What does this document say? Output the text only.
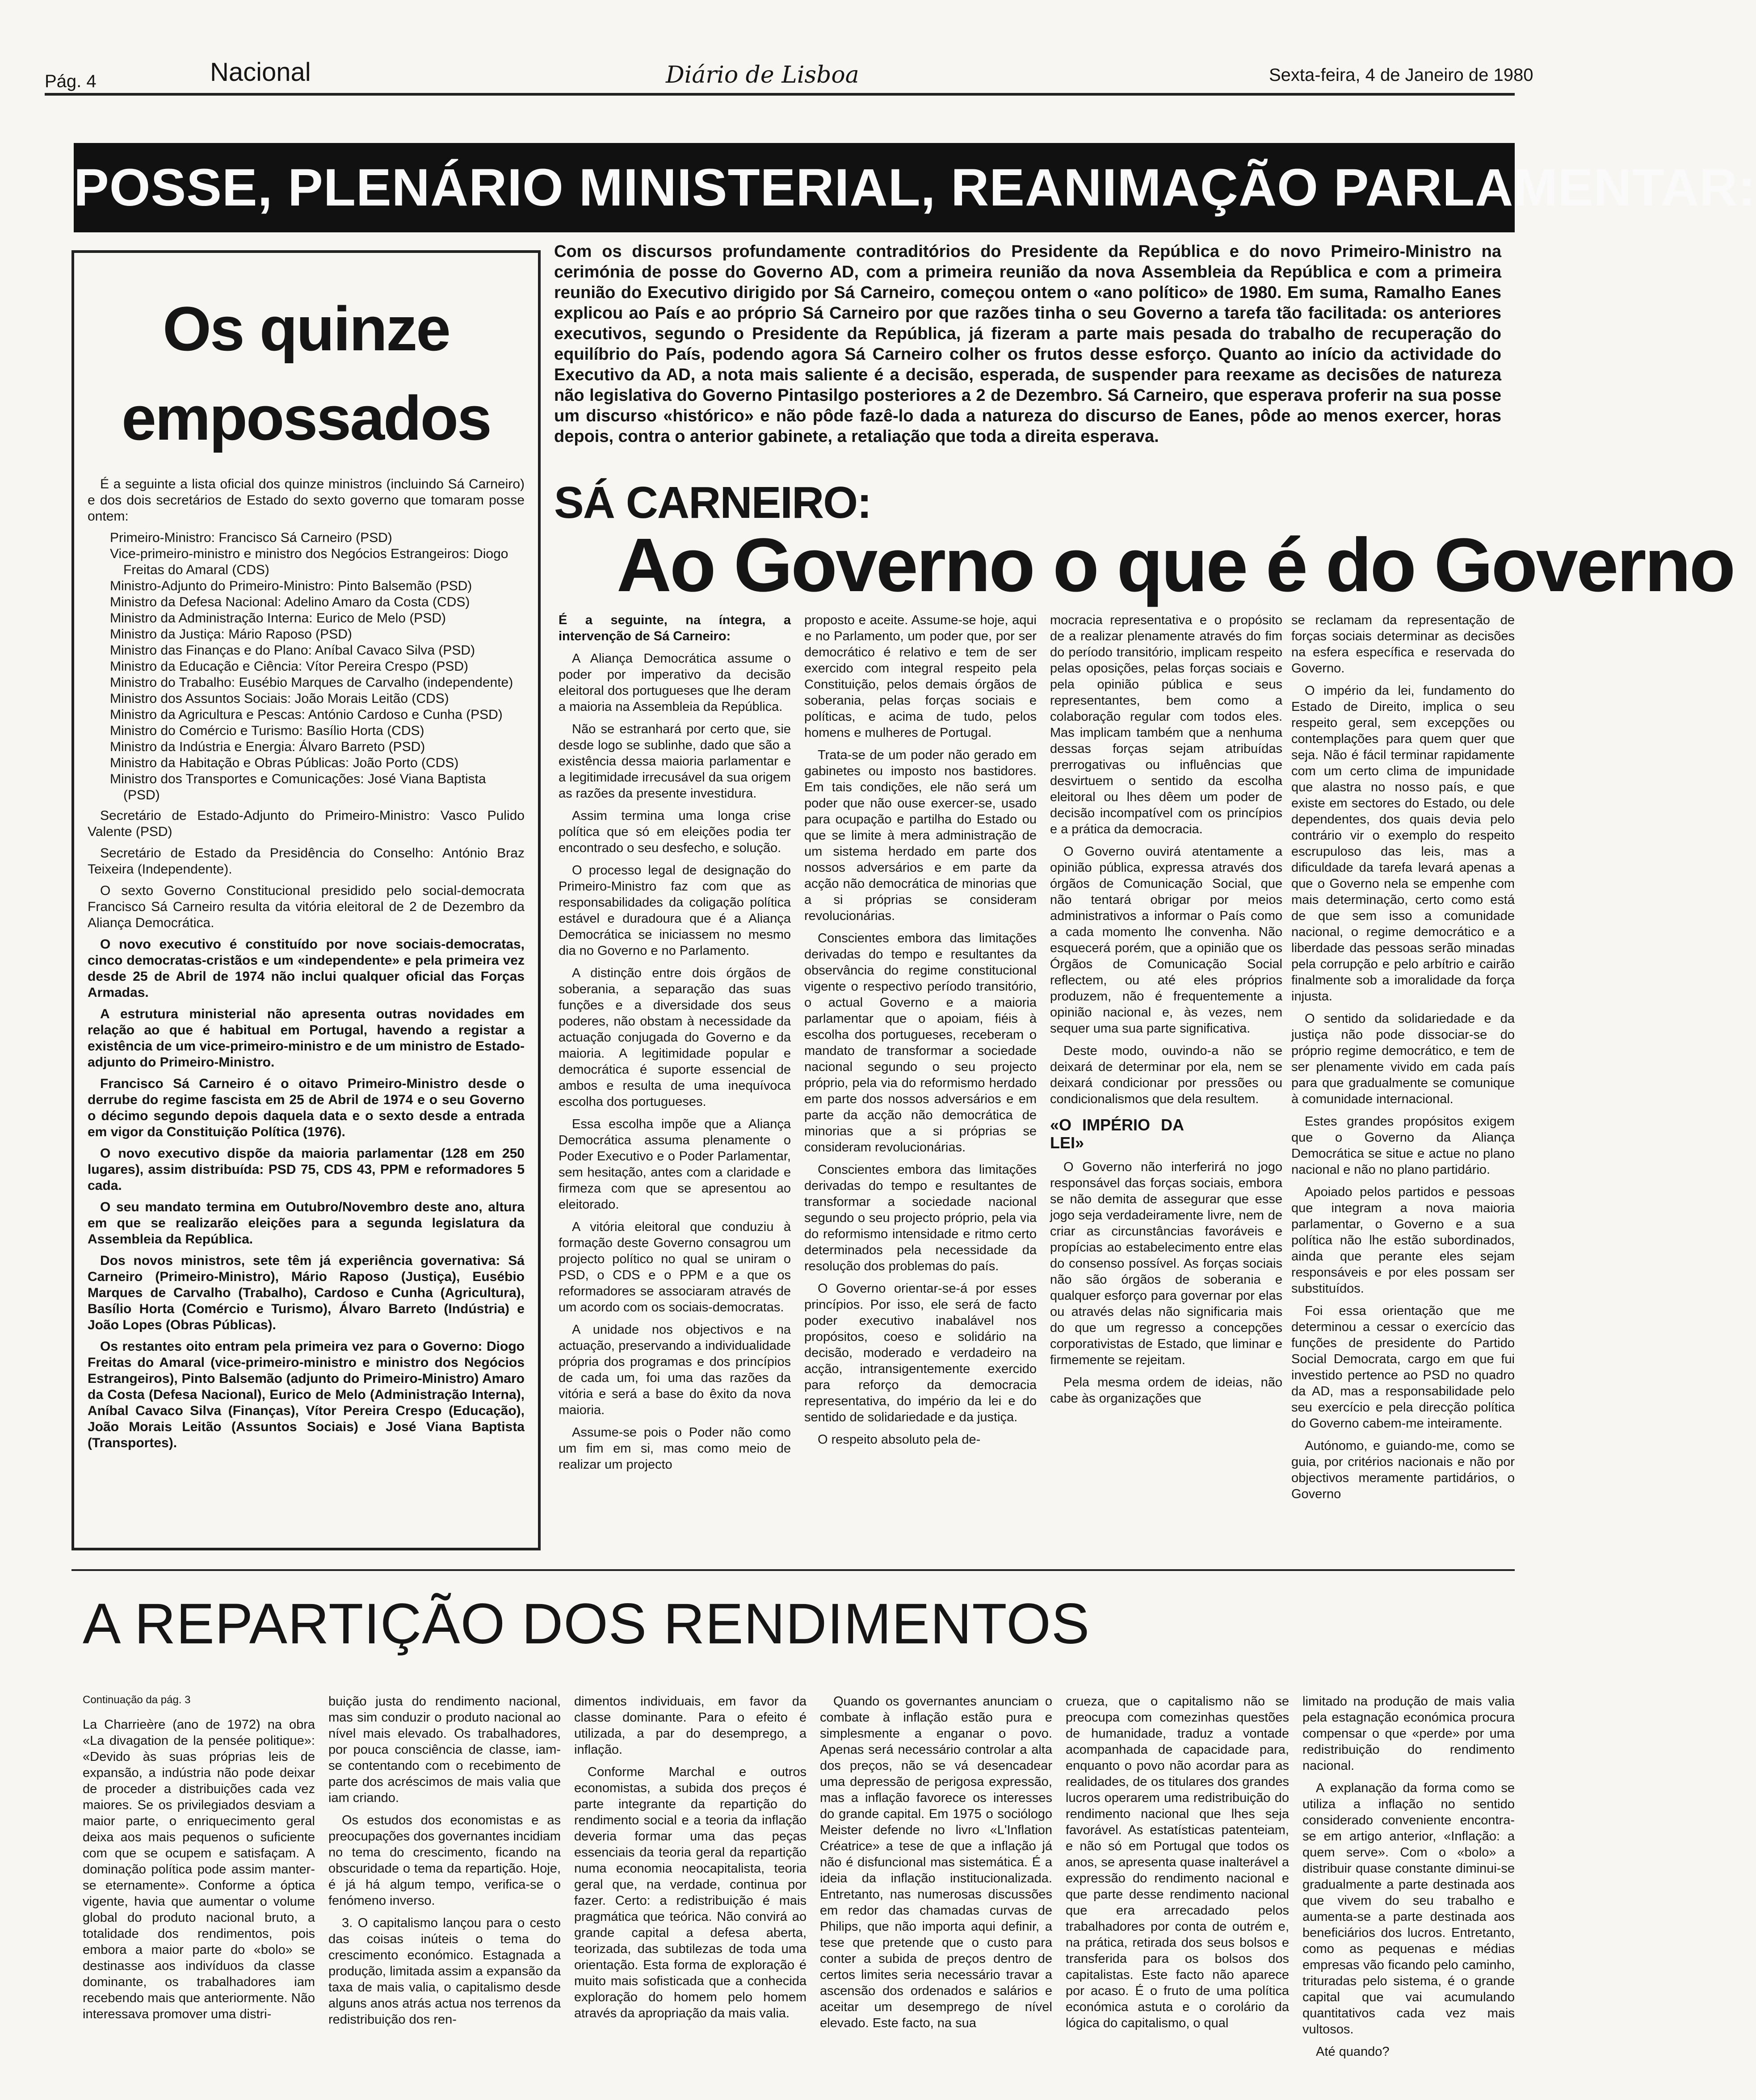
Pág. 4	Nacional	Diário de Lisboa	Sexta-feira, 4 de Janeiro de 1980
POSSE, PLENÁRIO MINISTERIAL, REANIMAÇÃO PARLAMENTAR:
Os quinze
empossados

É a seguinte a lista oficial dos quinze ministros (incluindo Sá Carneiro) e dos dois secretários de Estado do sexto governo que tomaram posse ontem:

Primeiro-Ministro: Francisco Sá Carneiro (PSD)
Vice-primeiro-ministro e ministro dos Negócios Estrangeiros: Diogo Freitas do Amaral (CDS)
Ministro-Adjunto do Primeiro-Ministro: Pinto Balsemão (PSD)
Ministro da Defesa Nacional: Adelino Amaro da Costa (CDS)
Ministro da Administração Interna: Eurico de Melo (PSD)
Ministro da Justiça: Mário Raposo (PSD)
Ministro das Finanças e do Plano: Aníbal Cavaco Silva (PSD)
Ministro da Educação e Ciência: Vítor Pereira Crespo (PSD)
Ministro do Trabalho: Eusébio Marques de Carvalho (independente)
Ministro dos Assuntos Sociais: João Morais Leitão (CDS)
Ministro da Agricultura e Pescas: António Cardoso e Cunha (PSD)
Ministro do Comércio e Turismo: Basílio Horta (CDS)
Ministro da Indústria e Energia: Álvaro Barreto (PSD)
Ministro da Habitação e Obras Públicas: João Porto (CDS)
Ministro dos Transportes e Comunicações: José Viana Baptista (PSD)

Secretário de Estado-Adjunto do Primeiro-Ministro: Vasco Pulido Valente (PSD)

Secretário de Estado da Presidência do Conselho: António Braz Teixeira (Independente).

O sexto Governo Constitucional presidido pelo social-democrata Francisco Sá Carneiro resulta da vitória eleitoral de 2 de Dezembro da Aliança Democrática.

O novo executivo é constituído por nove sociais-democratas, cinco democratas-cristãos e um «independente» e pela primeira vez desde 25 de Abril de 1974 não inclui qualquer oficial das Forças Armadas.

A estrutura ministerial não apresenta outras novidades em relação ao que é habitual em Portugal, havendo a registar a existência de um vice-primeiro-ministro e de um ministro de Estado-adjunto do Primeiro-Ministro.

Francisco Sá Carneiro é o oitavo Primeiro-Ministro desde o derrube do regime fascista em 25 de Abril de 1974 e o seu Governo o décimo segundo depois daquela data e o sexto desde a entrada em vigor da Constituição Política (1976).

O novo executivo dispõe da maioria parlamentar (128 em 250 lugares), assim distribuída: PSD 75, CDS 43, PPM e reformadores 5 cada.

O seu mandato termina em Outubro/Novembro deste ano, altura em que se realizarão eleições para a segunda legislatura da Assembleia da República.

Dos novos ministros, sete têm já experiência governativa: Sá Carneiro (Primeiro-Ministro), Mário Raposo (Justiça), Eusébio Marques de Carvalho (Trabalho), Cardoso e Cunha (Agricultura), Basílio Horta (Comércio e Turismo), Álvaro Barreto (Indústria) e João Lopes (Obras Públicas).

Os restantes oito entram pela primeira vez para o Governo: Diogo Freitas do Amaral (vice-primeiro-ministro e ministro dos Negócios Estrangeiros), Pinto Balsemão (adjunto do Primeiro-Ministro) Amaro da Costa (Defesa Nacional), Eurico de Melo (Administração Interna), Aníbal Cavaco Silva (Finanças), Vítor Pereira Crespo (Educação), João Morais Leitão (Assuntos Sociais) e José Viana Baptista (Transportes).

Com os discursos profundamente contraditórios do Presidente da República e do novo Primeiro-Ministro na cerimónia de posse do Governo AD, com a primeira reunião da nova Assembleia da República e com a primeira reunião do Executivo dirigido por Sá Carneiro, começou ontem o «ano político» de 1980. Em suma, Ramalho Eanes explicou ao País e ao próprio Sá Carneiro por que razões tinha o seu Governo a tarefa tão facilitada: os anteriores executivos, segundo o Presidente da República, já fizeram a parte mais pesada do trabalho de recuperação do equilíbrio do País, podendo agora Sá Carneiro colher os frutos desse esforço. Quanto ao início da actividade do Executivo da AD, a nota mais saliente é a decisão, esperada, de suspender para reexame as decisões de natureza não legislativa do Governo Pintasilgo posteriores a 2 de Dezembro. Sá Carneiro, que esperava proferir na sua posse um discurso «histórico» e não pôde fazê-lo dada a natureza do discurso de Eanes, pôde ao menos exercer, horas depois, contra o anterior gabinete, a retaliação que toda a direita esperava.
SÁ CARNEIRO:
Ao Governo o que é do Governo

É a seguinte, na íntegra, a intervenção de Sá Carneiro:

A Aliança Democrática assume o poder por imperativo da decisão eleitoral dos portugueses que lhe deram a maioria na Assembleia da República.

Não se estranhará por certo que, sie desde logo se sublinhe, dado que são a existência dessa maioria parlamentar e a legitimidade irrecusável da sua origem as razões da presente investidura.

Assim termina uma longa crise política que só em eleições podia ter encontrado o seu desfecho, e solução.

O processo legal de designação do Primeiro-Ministro faz com que as responsabilidades da coligação política estável e duradoura que é a Aliança Democrática se iniciassem no mesmo dia no Governo e no Parlamento.

A distinção entre dois órgãos de soberania, a separação das suas funções e a diversidade dos seus poderes, não obstam à necessidade da actuação conjugada do Governo e da maioria. A legitimidade popular e democrática é suporte essencial de ambos e resulta de uma inequívoca escolha dos portugueses.

Essa escolha impõe que a Aliança Democrática assuma plenamente o Poder Executivo e o Poder Parlamentar, sem hesitação, antes com a claridade e firmeza com que se apresentou ao eleitorado.

A vitória eleitoral que conduziu à formação deste Governo consagrou um projecto político no qual se uniram o PSD, o CDS e o PPM e a que os reformadores se associaram através de um acordo com os sociais-democratas.

A unidade nos objectivos e na actuação, preservando a individualidade própria dos programas e dos princípios de cada um, foi uma das razões da vitória e será a base do êxito da nova maioria.

Assume-se pois o Poder não como um fim em si, mas como meio de realizar um projecto

proposto e aceite. Assume-se hoje, aqui e no Parlamento, um poder que, por ser democrático é relativo e tem de ser exercido com integral respeito pela Constituição, pelos demais órgãos de soberania, pelas forças sociais e políticas, e acima de tudo, pelos homens e mulheres de Portugal.

Trata-se de um poder não gerado em gabinetes ou imposto nos bastidores. Em tais condições, ele não será um poder que não ouse exercer-se, usado para ocupação e partilha do Estado ou que se limite à mera administração de um sistema herdado em parte dos nossos adversários e em parte da acção não democrática de minorias que a si próprias se consideram revolucionárias.

Conscientes embora das limitações derivadas do tempo e resultantes da observância do regime constitucional vigente o respectivo período transitório, o actual Governo e a maioria parlamentar que o apoiam, fiéis à escolha dos portugueses, receberam o mandato de transformar a sociedade nacional segundo o seu projecto próprio, pela via do reformismo herdado em parte dos nossos adversários e em parte da acção não democrática de minorias que a si próprias se consideram revolucionárias.

Conscientes embora das limitações derivadas do tempo e resultantes de transformar a sociedade nacional segundo o seu projecto próprio, pela via do reformismo intensidade e ritmo certo determinados pela necessidade da resolução dos problemas do país.

O Governo orientar-se-á por esses princípios. Por isso, ele será de facto poder executivo inabalável nos propósitos, coeso e solidário na decisão, moderado e verdadeiro na acção, intransigentemente exercido para reforço da democracia representativa, do império da lei e do sentido de solidariedade e da justiça.

O respeito absoluto pela de-

mocracia representativa e o propósito de a realizar plenamente através do fim do período transitório, implicam respeito pelas oposições, pelas forças sociais e pela opinião pública e seus representantes, bem como a colaboração regular com todos eles. Mas implicam também que a nenhuma dessas forças sejam atribuídas prerrogativas ou influências que desvirtuem o sentido da escolha eleitoral ou lhes dêem um poder de decisão incompatível com os princípios e a prática da democracia.

O Governo ouvirá atentamente a opinião pública, expressa através dos órgãos de Comunicação Social, que não tentará obrigar por meios administrativos a informar o País como a cada momento lhe convenha. Não esquecerá porém, que a opinião que os Órgãos de Comunicação Social reflectem, ou até eles próprios produzem, não é frequentemente a opinião nacional e, às vezes, nem sequer uma sua parte significativa.

Deste modo, ouvindo-a não se deixará de determinar por ela, nem se deixará condicionar por pressões ou condicionalismos que dela resultem.

«O IMPÉRIO DA LEI»

O Governo não interferirá no jogo responsável das forças sociais, embora se não demita de assegurar que esse jogo seja verdadeiramente livre, nem de criar as circunstâncias favoráveis e propícias ao estabelecimento entre elas do consenso possível. As forças sociais não são órgãos de soberania e qualquer esforço para governar por elas ou através delas não significaria mais do que um regresso a concepções corporativistas de Estado, que liminar e firmemente se rejeitam.

Pela mesma ordem de ideias, não cabe às organizações que

se reclamam da representação de forças sociais determinar as decisões na esfera específica e reservada do Governo.

O império da lei, fundamento do Estado de Direito, implica o seu respeito geral, sem excepções ou contemplações para quem quer que seja. Não é fácil terminar rapidamente com um certo clima de impunidade que alastra no nosso país, e que existe em sectores do Estado, ou dele dependentes, dos quais devia pelo contrário vir o exemplo do respeito escrupuloso das leis, mas a dificuldade da tarefa levará apenas a que o Governo nela se empenhe com mais determinação, certo como está de que sem isso a comunidade nacional, o regime democrático e a liberdade das pessoas serão minadas pela corrupção e pelo arbítrio e cairão finalmente sob a imoralidade da força injusta.

O sentido da solidariedade e da justiça não pode dissociar-se do próprio regime democrático, e tem de ser plenamente vivido em cada país para que gradualmente se comunique à comunidade internacional.

Estes grandes propósitos exigem que o Governo da Aliança Democrática se situe e actue no plano nacional e não no plano partidário.

Apoiado pelos partidos e pessoas que integram a nova maioria parlamentar, o Governo e a sua política não lhe estão subordinados, ainda que perante eles sejam responsáveis e por eles possam ser substituídos.

Foi essa orientação que me determinou a cessar o exercício das funções de presidente do Partido Social Democrata, cargo em que fui investido pertence ao PSD no quadro da AD, mas a responsabilidade pelo seu exercício e pela direcção política do Governo cabem-me inteiramente.

Autónomo, e guiando-me, como se guia, por critérios nacionais e não por objectivos meramente partidários, o Governo

A REPARTIÇÃO DOS RENDIMENTOS
Continuação da pág. 3

La Charrieère (ano de 1972) na obra «La divagation de la pensée politique»: «Devido às suas próprias leis de expansão, a indústria não pode deixar de proceder a distribuições cada vez maiores. Se os privilegiados desviam a maior parte, o enriquecimento geral deixa aos mais pequenos o suficiente com que se ocupem e satisfaçam. A dominação política pode assim manter-se eternamente». Conforme a óptica vigente, havia que aumentar o volume global do produto nacional bruto, a totalidade dos rendimentos, pois embora a maior parte do «bolo» se destinasse aos indivíduos da classe dominante, os trabalhadores iam recebendo mais que anteriormente. Não interessava promover uma distri-

buição justa do rendimento nacional, mas sim conduzir o produto nacional ao nível mais elevado. Os trabalhadores, por pouca consciência de classe, iam-se contentando com o recebimento de parte dos acréscimos de mais valia que iam criando.

Os estudos dos economistas e as preocupações dos governantes incidiam no tema do crescimento, ficando na obscuridade o tema da repartição. Hoje, é já há algum tempo, verifica-se o fenómeno inverso.

3. O capitalismo lançou para o cesto das coisas inúteis o tema do crescimento económico. Estagnada a produção, limitada assim a expansão da taxa de mais valia, o capitalismo desde alguns anos atrás actua nos terrenos da redistribuição dos ren-

dimentos individuais, em favor da classe dominante. Para o efeito é utilizada, a par do desemprego, a inflação.

Conforme Marchal e outros economistas, a subida dos preços é parte integrante da repartição do rendimento social e a teoria da inflação deveria formar uma das peças essenciais da teoria geral da repartição numa economia neocapitalista, teoria geral que, na verdade, continua por fazer. Certo: a redistribuição é mais pragmática que teórica. Não convirá ao grande capital a defesa aberta, teorizada, das subtilezas de toda uma orientação. Esta forma de exploração é muito mais sofisticada que a conhecida exploração do homem pelo homem através da apropriação da mais valia.

Quando os governantes anunciam o combate à inflação estão pura e simplesmente a enganar o povo. Apenas será necessário controlar a alta dos preços, não se vá desencadear uma depressão de perigosa expressão, mas a inflação favorece os interesses do grande capital. Em 1975 o sociólogo Meister defende no livro «L'Inflation Créatrice» a tese de que a inflação já não é disfuncional mas sistemática. É a ideia da inflação institucionalizada. Entretanto, nas numerosas discussões em redor das chamadas curvas de Philips, que não importa aqui definir, a tese que pretende que o custo para conter a subida de preços dentro de certos limites seria necessário travar a ascensão dos ordenados e salários e aceitar um desemprego de nível elevado. Este facto, na sua

crueza, que o capitalismo não se preocupa com comezinhas questões de humanidade, traduz a vontade acompanhada de capacidade para, enquanto o povo não acordar para as realidades, de os titulares dos grandes lucros operarem uma redistribuição do rendimento nacional que lhes seja favorável. As estatísticas patenteiam, e não só em Portugal que todos os anos, se apresenta quase inalterável a expressão do rendimento nacional e que parte desse rendimento nacional que era arrecadado pelos trabalhadores por conta de outrém e, na prática, retirada dos seus bolsos e transferida para os bolsos dos capitalistas. Este facto não aparece por acaso. É o fruto de uma política económica astuta e o corolário da lógica do capitalismo, o qual

limitado na produção de mais valia pela estagnação económica procura compensar o que «perde» por uma redistribuição do rendimento nacional.

A explanação da forma como se utiliza a inflação no sentido considerado conveniente encontra-se em artigo anterior, «Inflação: a quem serve». Com o «bolo» a distribuir quase constante diminui-se gradualmente a parte destinada aos que vivem do seu trabalho e aumenta-se a parte destinada aos beneficiários dos lucros. Entretanto, como as pequenas e médias empresas vão ficando pelo caminho, trituradas pelo sistema, é o grande capital que vai acumulando quantitativos cada vez mais vultosos.

Até quando?
